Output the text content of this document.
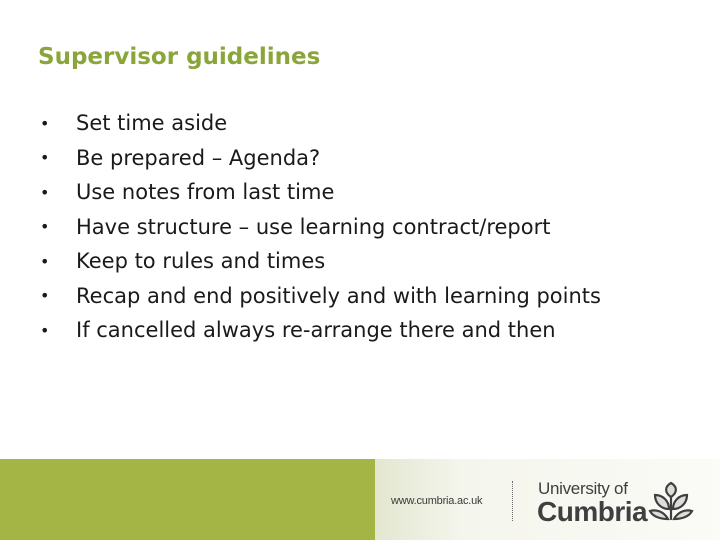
Supervisor guidelines
•	Set time aside
•	Be prepared – Agenda?
•	Use notes from last time
•	Have structure – use learning contract/report
•	Keep to rules and times
•	Recap and end positively and with learning points
•	If cancelled always re-arrange there and then
www.cumbria.ac.uk
University of
Cumbria
